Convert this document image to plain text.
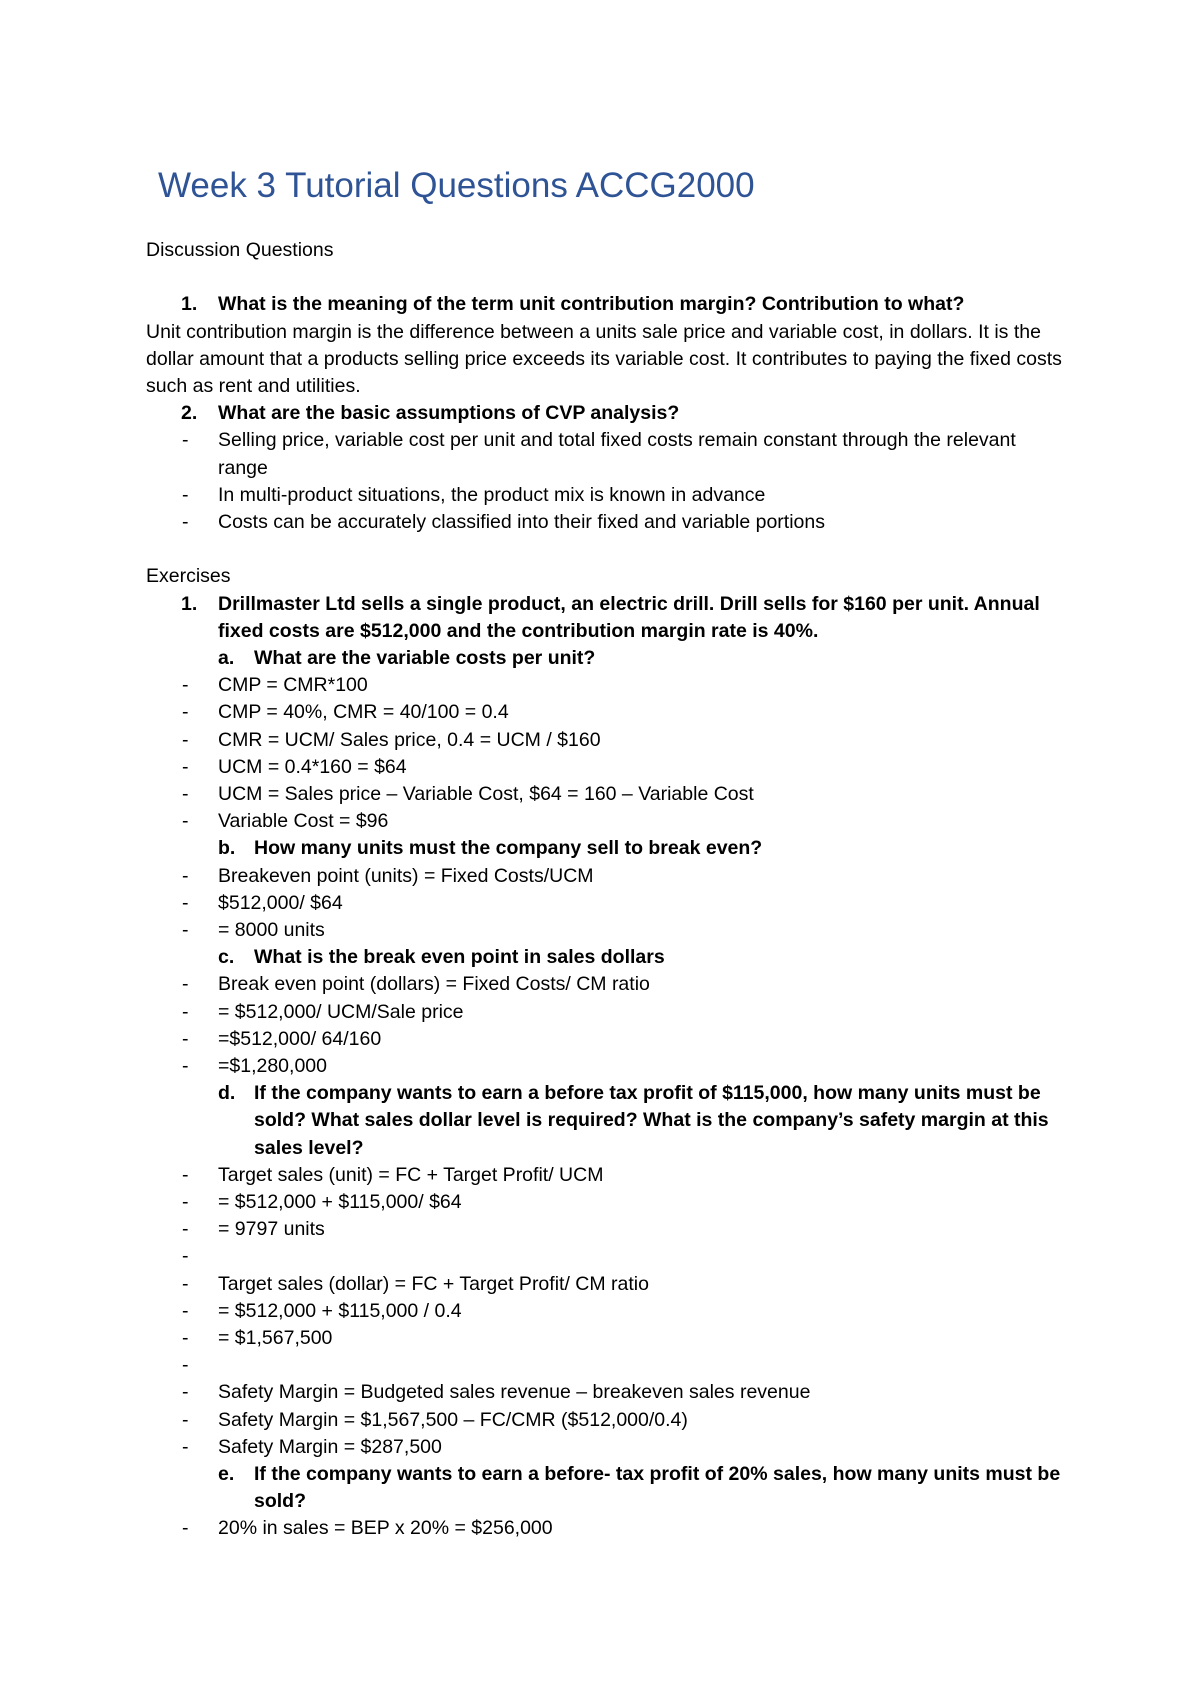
Week 3 Tutorial Questions ACCG2000
Discussion Questions
1. What is the meaning of the term unit contribution margin? Contribution to what?
Unit contribution margin is the difference between a units sale price and variable cost, in dollars. It is the dollar amount that a products selling price exceeds its variable cost. It contributes to paying the fixed costs such as rent and utilities.
2. What are the basic assumptions of CVP analysis?
- Selling price, variable cost per unit and total fixed costs remain constant through the relevant range
- In multi-product situations, the product mix is known in advance
- Costs can be accurately classified into their fixed and variable portions
Exercises
1. Drillmaster Ltd sells a single product, an electric drill. Drill sells for $160 per unit. Annual fixed costs are $512,000 and the contribution margin rate is 40%.
a. What are the variable costs per unit?
- CMP = CMR*100
- CMP = 40%, CMR = 40/100 = 0.4
- CMR = UCM/ Sales price, 0.4 = UCM / $160
- UCM = 0.4*160 = $64
- UCM = Sales price – Variable Cost, $64 = 160 – Variable Cost
- Variable Cost = $96
b. How many units must the company sell to break even?
- Breakeven point (units) = Fixed Costs/UCM
- $512,000/ $64
- = 8000 units
c. What is the break even point in sales dollars
- Break even point (dollars) = Fixed Costs/ CM ratio
- = $512,000/ UCM/Sale price
- =$512,000/ 64/160
- =$1,280,000
d. If the company wants to earn a before tax profit of $115,000, how many units must be sold? What sales dollar level is required? What is the company’s safety margin at this sales level?
- Target sales (unit) = FC + Target Profit/ UCM
- = $512,000 + $115,000/ $64
- = 9797 units
-
- Target sales (dollar) = FC + Target Profit/ CM ratio
- = $512,000 + $115,000 / 0.4
- = $1,567,500
-
- Safety Margin = Budgeted sales revenue – breakeven sales revenue
- Safety Margin = $1,567,500 – FC/CMR ($512,000/0.4)
- Safety Margin = $287,500
e. If the company wants to earn a before- tax profit of 20% sales, how many units must be sold?
- 20% in sales = BEP x 20% = $256,000
